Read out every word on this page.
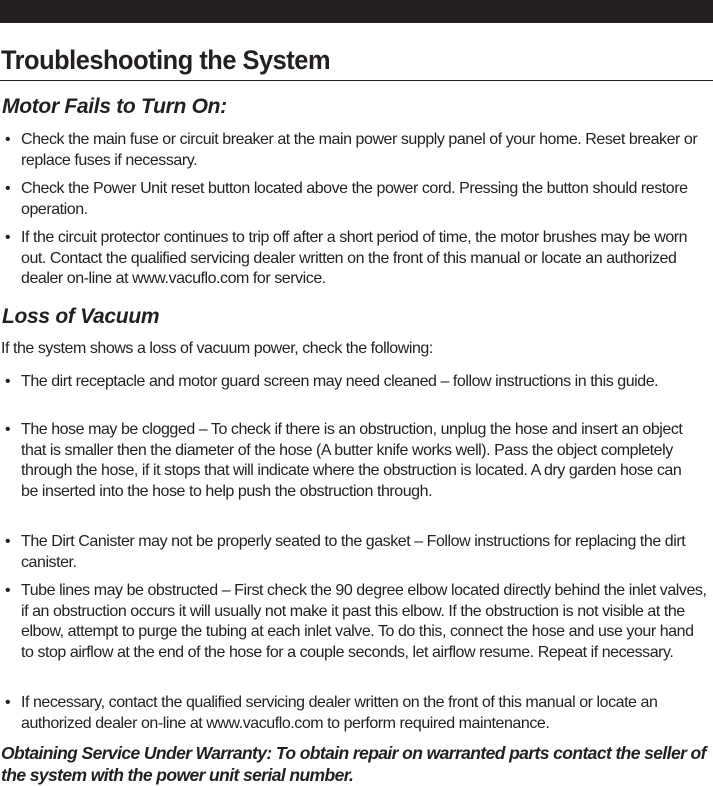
Troubleshooting the System
Motor Fails to Turn On:
• Check the main fuse or circuit breaker at the main power supply panel of your home. Reset breaker or replace fuses if necessary.
• Check the Power Unit reset button located above the power cord. Pressing the button should restore operation.
• If the circuit protector continues to trip off after a short period of time, the motor brushes may be worn out. Contact the qualified servicing dealer written on the front of this manual or locate an authorized dealer on-line at www.vacuflo.com for service.
Loss of Vacuum
If the system shows a loss of vacuum power, check the following:
• The dirt receptacle and motor guard screen may need cleaned – follow instructions in this guide.
• The hose may be clogged – To check if there is an obstruction, unplug the hose and insert an object that is smaller then the diameter of the hose (A butter knife works well). Pass the object completely through the hose, if it stops that will indicate where the obstruction is located. A dry garden hose can be inserted into the hose to help push the obstruction through.
• The Dirt Canister may not be properly seated to the gasket – Follow instructions for replacing the dirt canister.
• Tube lines may be obstructed – First check the 90 degree elbow located directly behind the inlet valves, if an obstruction occurs it will usually not make it past this elbow. If the obstruction is not visible at the elbow, attempt to purge the tubing at each inlet valve. To do this, connect the hose and use your hand to stop airflow at the end of the hose for a couple seconds, let airflow resume. Repeat if necessary.
• If necessary, contact the qualified servicing dealer written on the front of this manual or locate an authorized dealer on-line at www.vacuflo.com to perform required maintenance.

Obtaining Service Under Warranty: To obtain repair on warranted parts contact the seller of the system with the power unit serial number.
